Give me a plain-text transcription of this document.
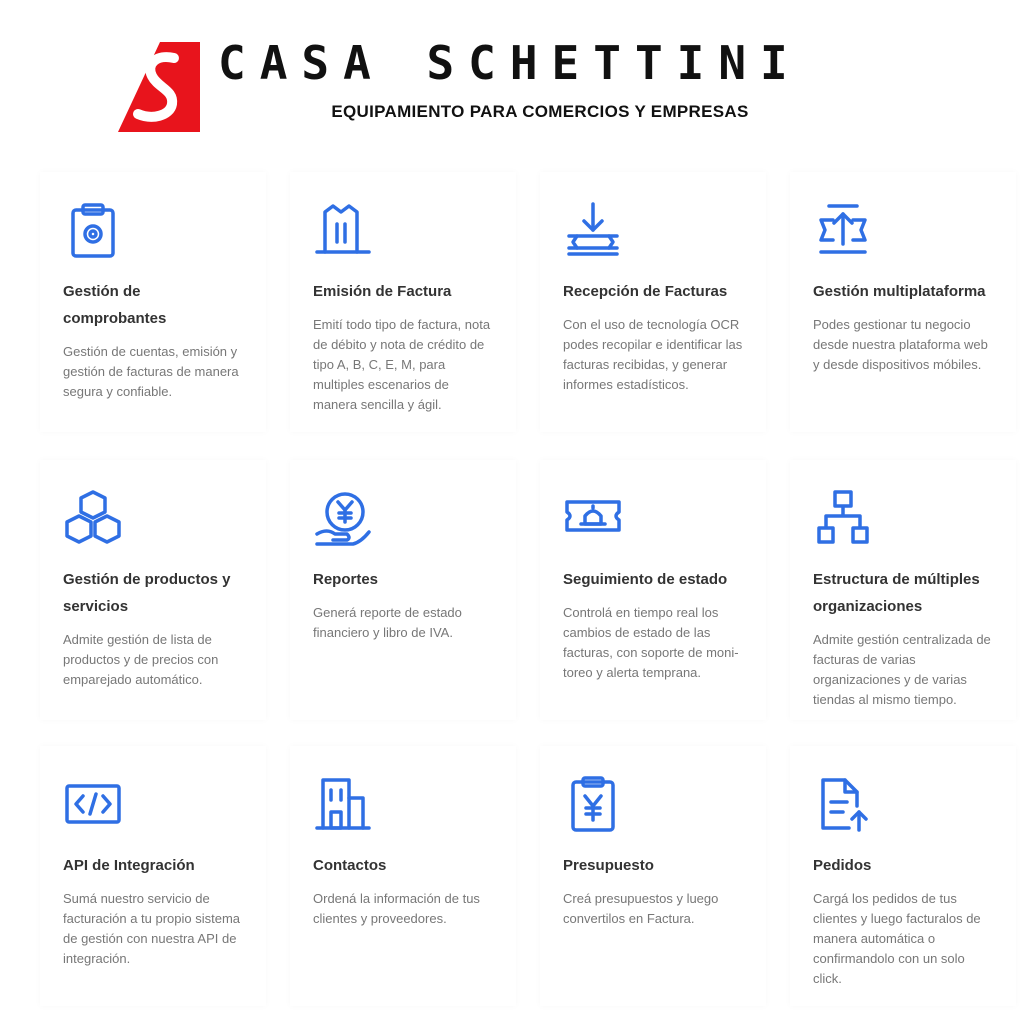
CASA SCHETTINI
EQUIPAMIENTO PARA COMERCIOS Y EMPRESAS
Gestión de comprobantes
Gestión de cuentas, emisión y gestión de facturas de manera segura y confiable.
Emisión de Factura
Emití todo tipo de factura, nota de débito y nota de crédito de tipo A, B, C, E, M, para multiples escenarios de manera sencilla y ágil.
Recepción de Facturas
Con el uso de tecnología OCR podes recopilar e identificar las facturas recibidas, y generar informes estadísticos.
Gestión multiplataforma
Podes gestionar tu negocio desde nuestra plataforma web y desde dispositivos móbiles.
Gestión de productos y servicios
Admite gestión de lista de productos y de precios con emparejado automático.
Reportes
Generá reporte de estado financiero y libro de IVA.
Seguimiento de estado
Controlá en tiempo real los cambios de estado de las facturas, con soporte de moni- toreo y alerta temprana.
Estructura de múltiples organizaciones
Admite gestión centralizada de facturas de varias organizaciones y de varias tiendas al mismo tiempo.
API de Integración
Sumá nuestro servicio de facturación a tu propio sistema de gestión con nuestra API de integración.
Contactos
Ordená la información de tus clientes y proveedores.
Presupuesto
Creá presupuestos y luego convertilos en Factura.
Pedidos
Cargá los pedidos de tus clientes y luego facturalos de manera automática o confirmandolo con un solo click.
